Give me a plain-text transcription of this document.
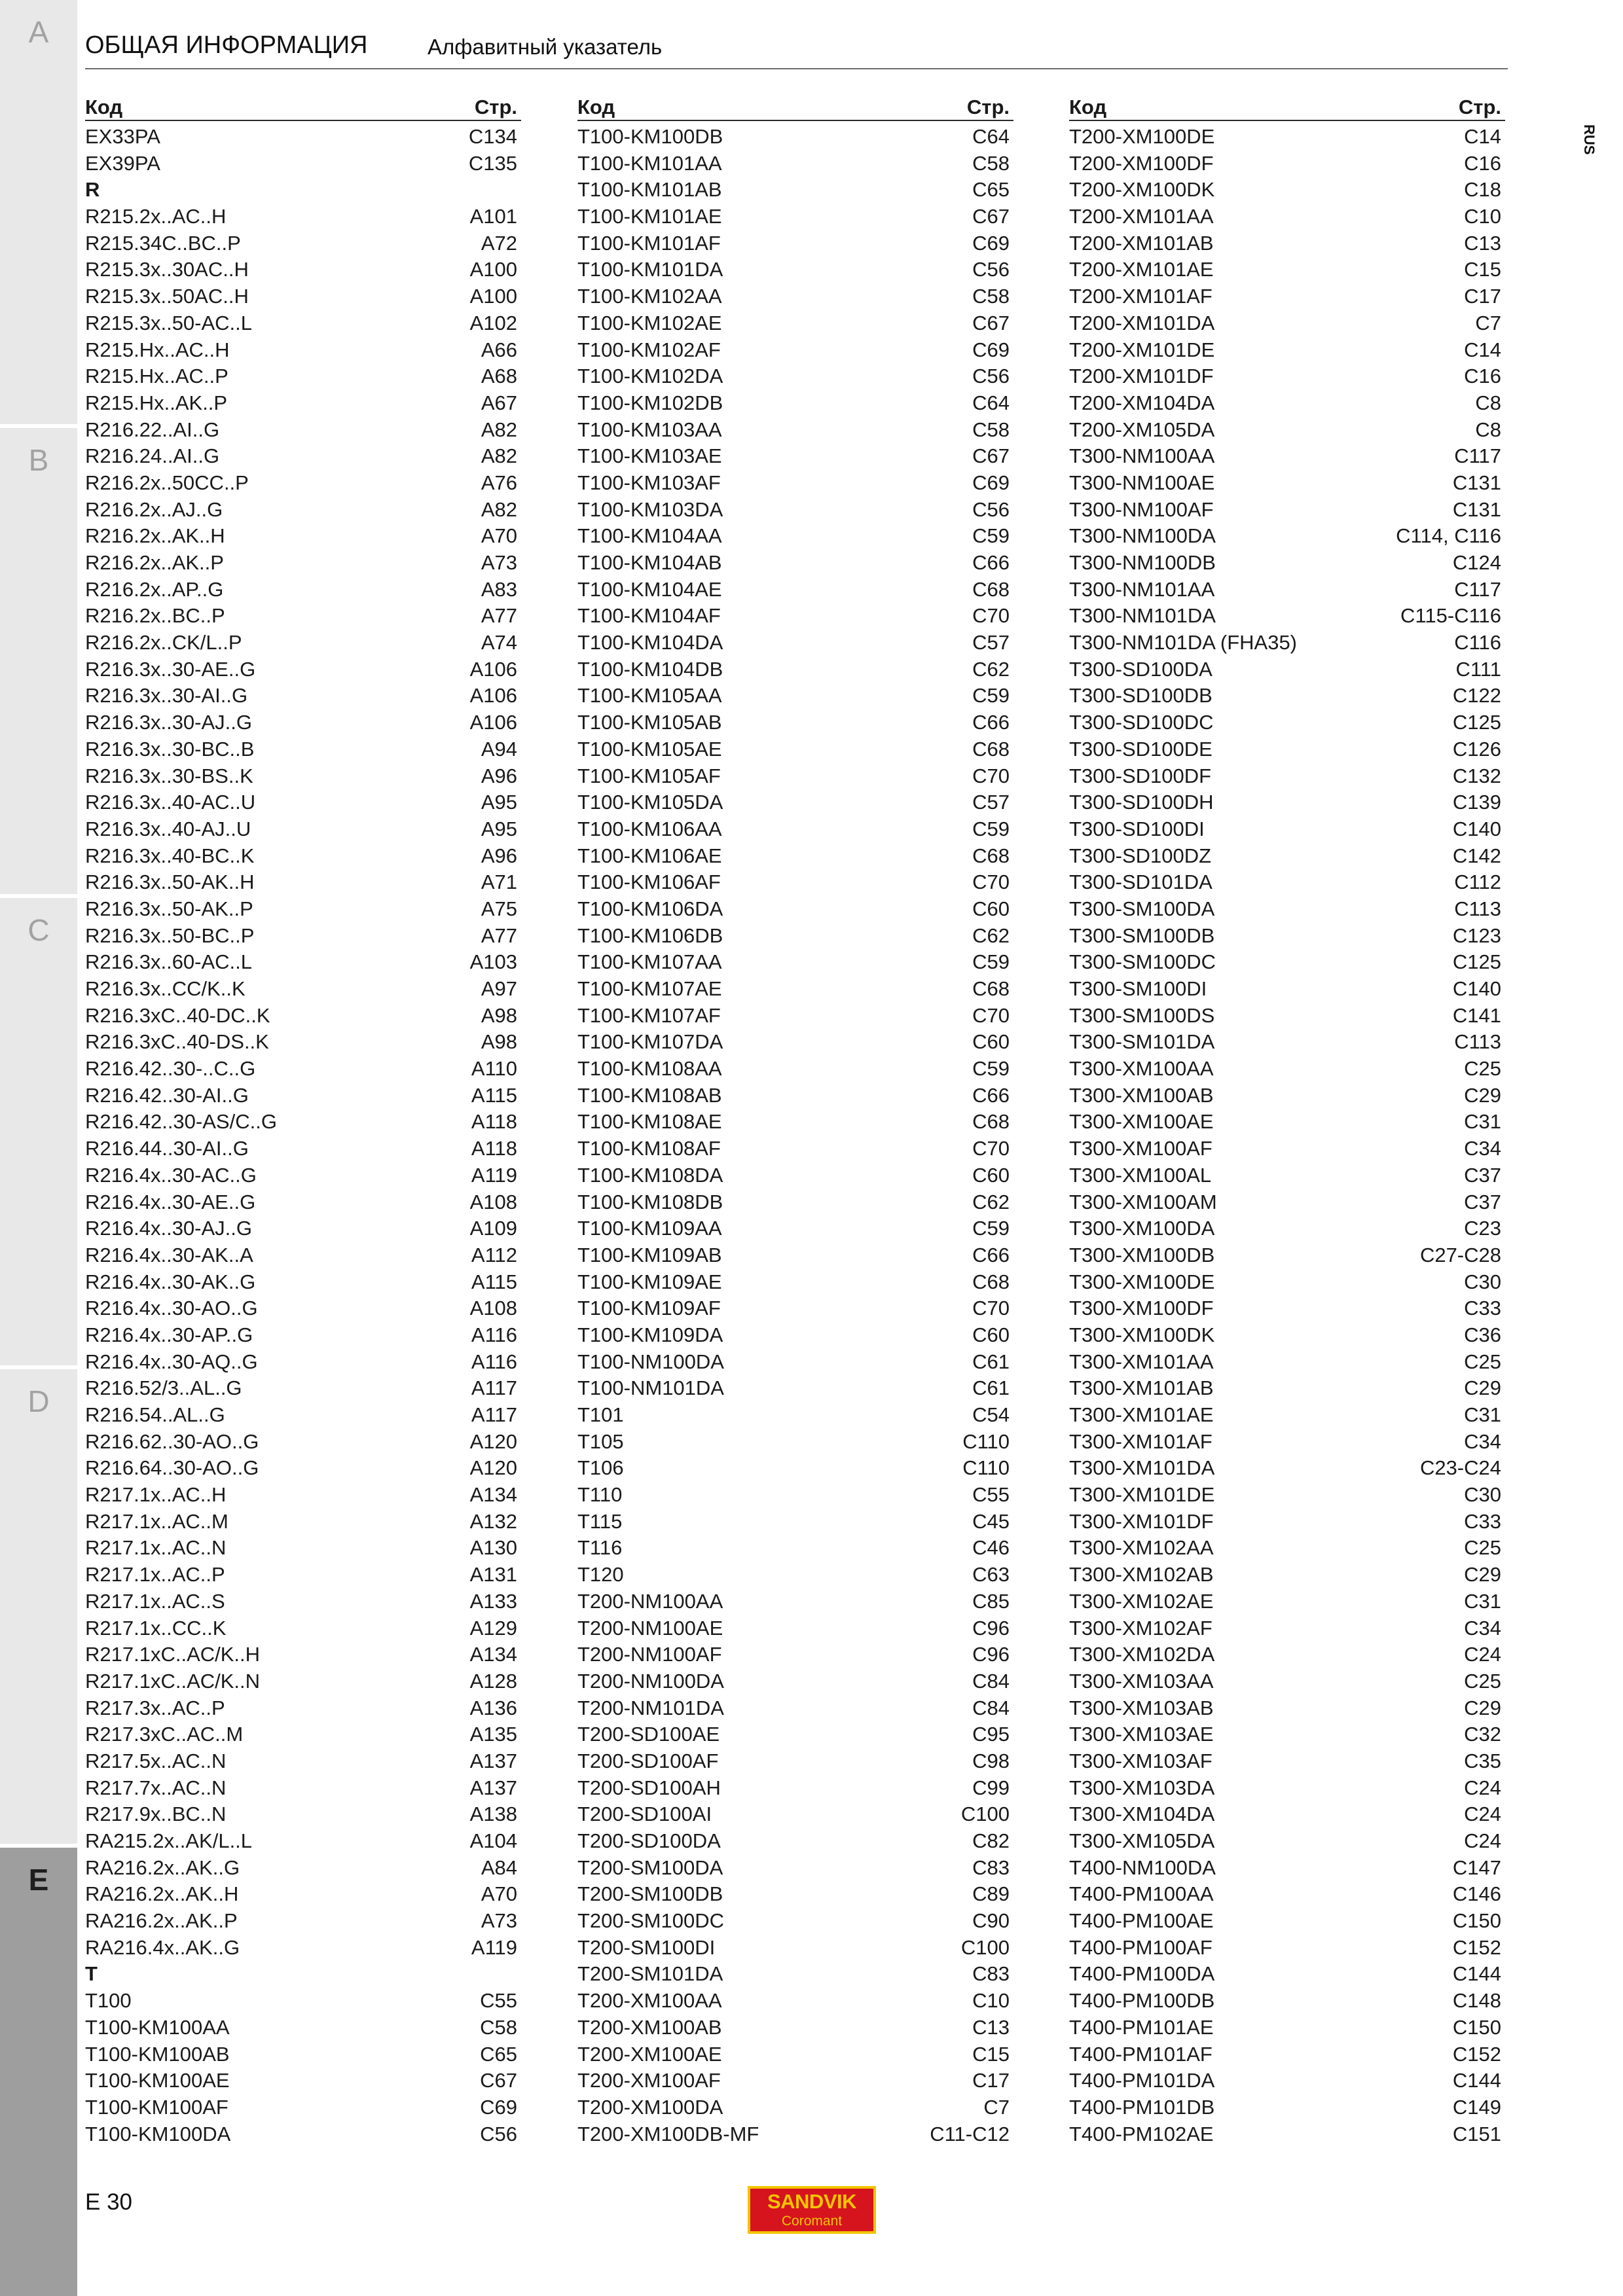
A
B
C
D
E
ОБЩАЯ ИНФОРМАЦИЯ	Алфавитный указатель
RUS
Код	Стр.
EX33PA	C134
EX39PA	C135
R
R215.2x..AC..H	A101
R215.34C..BC..P	A72
R215.3x..30AC..H	A100
R215.3x..50AC..H	A100
R215.3x..50-AC..L	A102
R215.Hx..AC..H	A66
R215.Hx..AC..P	A68
R215.Hx..AK..P	A67
R216.22..AI..G	A82
R216.24..AI..G	A82
R216.2x..50CC..P	A76
R216.2x..AJ..G	A82
R216.2x..AK..H	A70
R216.2x..AK..P	A73
R216.2x..AP..G	A83
R216.2x..BC..P	A77
R216.2x..CK/L..P	A74
R216.3x..30-AE..G	A106
R216.3x..30-AI..G	A106
R216.3x..30-AJ..G	A106
R216.3x..30-BC..B	A94
R216.3x..30-BS..K	A96
R216.3x..40-AC..U	A95
R216.3x..40-AJ..U	A95
R216.3x..40-BC..K	A96
R216.3x..50-AK..H	A71
R216.3x..50-AK..P	A75
R216.3x..50-BC..P	A77
R216.3x..60-AC..L	A103
R216.3x..CC/K..K	A97
R216.3xC..40-DC..K	A98
R216.3xC..40-DS..K	A98
R216.42..30-..C..G	A110
R216.42..30-AI..G	A115
R216.42..30-AS/C..G	A118
R216.44..30-AI..G	A118
R216.4x..30-AC..G	A119
R216.4x..30-AE..G	A108
R216.4x..30-AJ..G	A109
R216.4x..30-AK..A	A112
R216.4x..30-AK..G	A115
R216.4x..30-AO..G	A108
R216.4x..30-AP..G	A116
R216.4x..30-AQ..G	A116
R216.52/3..AL..G	A117
R216.54..AL..G	A117
R216.62..30-AO..G	A120
R216.64..30-AO..G	A120
R217.1x..AC..H	A134
R217.1x..AC..M	A132
R217.1x..AC..N	A130
R217.1x..AC..P	A131
R217.1x..AC..S	A133
R217.1x..CC..K	A129
R217.1xC..AC/K..H	A134
R217.1xC..AC/K..N	A128
R217.3x..AC..P	A136
R217.3xC..AC..M	A135
R217.5x..AC..N	A137
R217.7x..AC..N	A137
R217.9x..BC..N	A138
RA215.2x..AK/L..L	A104
RA216.2x..AK..G	A84
RA216.2x..AK..H	A70
RA216.2x..AK..P	A73
RA216.4x..AK..G	A119
T
T100	C55
T100-KM100AA	C58
T100-KM100AB	C65
T100-KM100AE	C67
T100-KM100AF	C69
T100-KM100DA	C56
Код	Стр.
T100-KM100DB	C64
T100-KM101AA	C58
T100-KM101AB	C65
T100-KM101AE	C67
T100-KM101AF	C69
T100-KM101DA	C56
T100-KM102AA	C58
T100-KM102AE	C67
T100-KM102AF	C69
T100-KM102DA	C56
T100-KM102DB	C64
T100-KM103AA	C58
T100-KM103AE	C67
T100-KM103AF	C69
T100-KM103DA	C56
T100-KM104AA	C59
T100-KM104AB	C66
T100-KM104AE	C68
T100-KM104AF	C70
T100-KM104DA	C57
T100-KM104DB	C62
T100-KM105AA	C59
T100-KM105AB	C66
T100-KM105AE	C68
T100-KM105AF	C70
T100-KM105DA	C57
T100-KM106AA	C59
T100-KM106AE	C68
T100-KM106AF	C70
T100-KM106DA	C60
T100-KM106DB	C62
T100-KM107AA	C59
T100-KM107AE	C68
T100-KM107AF	C70
T100-KM107DA	C60
T100-KM108AA	C59
T100-KM108AB	C66
T100-KM108AE	C68
T100-KM108AF	C70
T100-KM108DA	C60
T100-KM108DB	C62
T100-KM109AA	C59
T100-KM109AB	C66
T100-KM109AE	C68
T100-KM109AF	C70
T100-KM109DA	C60
T100-NM100DA	C61
T100-NM101DA	C61
T101	C54
T105	C110
T106	C110
T110	C55
T115	C45
T116	C46
T120	C63
T200-NM100AA	C85
T200-NM100AE	C96
T200-NM100AF	C96
T200-NM100DA	C84
T200-NM101DA	C84
T200-SD100AE	C95
T200-SD100AF	C98
T200-SD100AH	C99
T200-SD100AI	C100
T200-SD100DA	C82
T200-SM100DA	C83
T200-SM100DB	C89
T200-SM100DC	C90
T200-SM100DI	C100
T200-SM101DA	C83
T200-XM100AA	C10
T200-XM100AB	C13
T200-XM100AE	C15
T200-XM100AF	C17
T200-XM100DA	C7
T200-XM100DB-MF	C11-C12
Код	Стр.
T200-XM100DE	C14
T200-XM100DF	C16
T200-XM100DK	C18
T200-XM101AA	C10
T200-XM101AB	C13
T200-XM101AE	C15
T200-XM101AF	C17
T200-XM101DA	C7
T200-XM101DE	C14
T200-XM101DF	C16
T200-XM104DA	C8
T200-XM105DA	C8
T300-NM100AA	C117
T300-NM100AE	C131
T300-NM100AF	C131
T300-NM100DA	C114, C116
T300-NM100DB	C124
T300-NM101AA	C117
T300-NM101DA	C115-C116
T300-NM101DA (FHA35)	C116
T300-SD100DA	C111
T300-SD100DB	C122
T300-SD100DC	C125
T300-SD100DE	C126
T300-SD100DF	C132
T300-SD100DH	C139
T300-SD100DI	C140
T300-SD100DZ	C142
T300-SD101DA	C112
T300-SM100DA	C113
T300-SM100DB	C123
T300-SM100DC	C125
T300-SM100DI	C140
T300-SM100DS	C141
T300-SM101DA	C113
T300-XM100AA	C25
T300-XM100AB	C29
T300-XM100AE	C31
T300-XM100AF	C34
T300-XM100AL	C37
T300-XM100AM	C37
T300-XM100DA	C23
T300-XM100DB	C27-C28
T300-XM100DE	C30
T300-XM100DF	C33
T300-XM100DK	C36
T300-XM101AA	C25
T300-XM101AB	C29
T300-XM101AE	C31
T300-XM101AF	C34
T300-XM101DA	C23-C24
T300-XM101DE	C30
T300-XM101DF	C33
T300-XM102AA	C25
T300-XM102AB	C29
T300-XM102AE	C31
T300-XM102AF	C34
T300-XM102DA	C24
T300-XM103AA	C25
T300-XM103AB	C29
T300-XM103AE	C32
T300-XM103AF	C35
T300-XM103DA	C24
T300-XM104DA	C24
T300-XM105DA	C24
T400-NM100DA	C147
T400-PM100AA	C146
T400-PM100AE	C150
T400-PM100AF	C152
T400-PM100DA	C144
T400-PM100DB	C148
T400-PM101AE	C150
T400-PM101AF	C152
T400-PM101DA	C144
T400-PM101DB	C149
T400-PM102AE	C151
E 30	SANDVIK
Coromant
